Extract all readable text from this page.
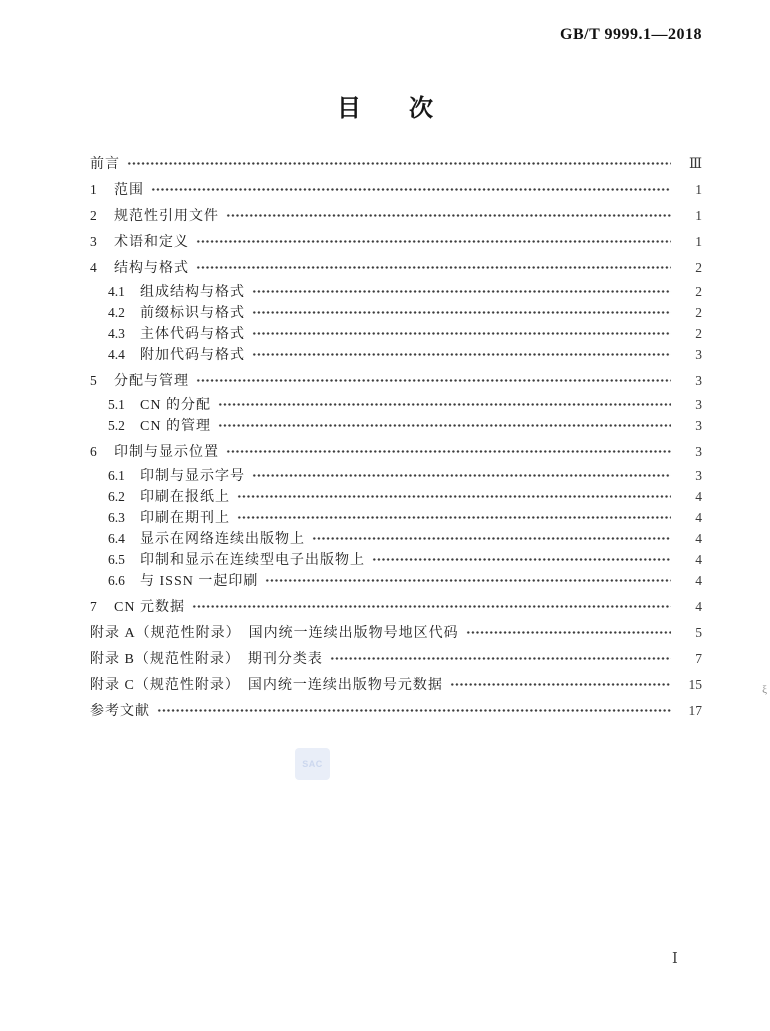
GB/T 9999.1—2018
目　　次
前言	Ⅲ
1	范围	1
2	规范性引用文件	1
3	术语和定义	1
4	结构与格式	2
4.1	组成结构与格式	2
4.2	前缀标识与格式	2
4.3	主体代码与格式	2
4.4	附加代码与格式	3
5	分配与管理	3
5.1	CN 的分配	3
5.2	CN 的管理	3
6	印制与显示位置	3
6.1	印制与显示字号	3
6.2	印刷在报纸上	4
6.3	印刷在期刊上	4
6.4	显示在网络连续出版物上	4
6.5	印制和显示在连续型电子出版物上	4
6.6	与 ISSN 一起印刷	4
7	CN 元数据	4
附录 A（规范性附录）　国内统一连续出版物号地区代码	5
附录 B（规范性附录）　期刊分类表	7
附录 C（规范性附录）　国内统一连续出版物号元数据	15
参考文献	17
SAC
ξ
Ⅰ
